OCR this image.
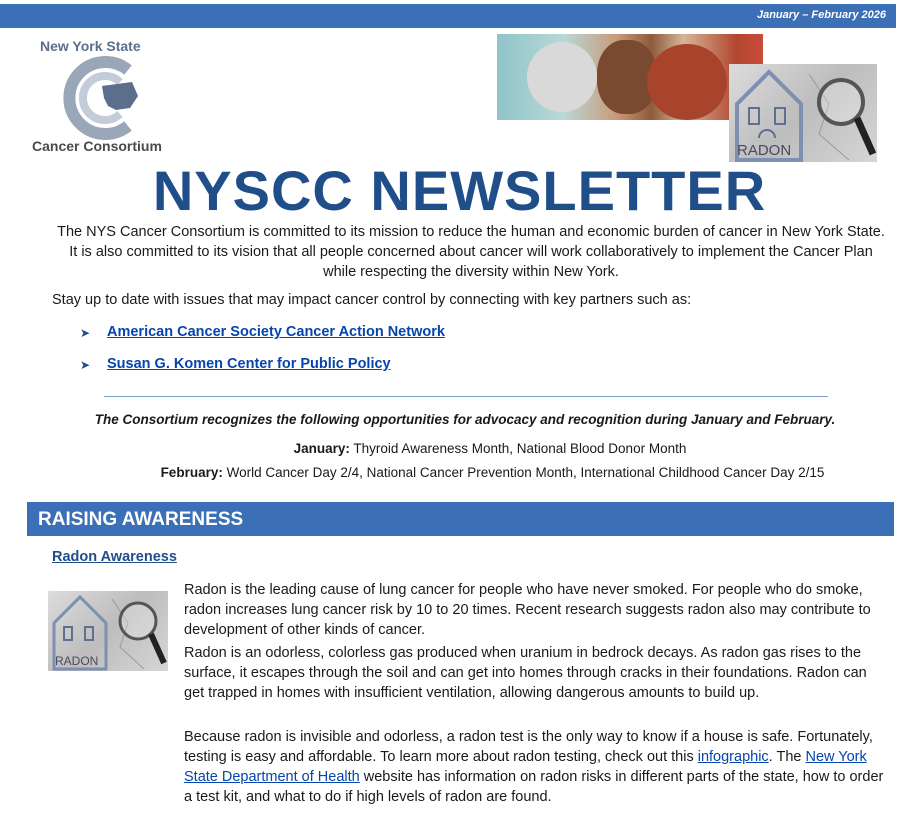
January – February 2026
New York State
Cancer Consortium	RADON
NYSCC NEWSLETTER

The NYS Cancer Consortium is committed to its mission to reduce the human and economic burden of cancer in New York State. It is also committed to its vision that all people concerned about cancer will work collaboratively to implement the Cancer Plan while respecting the diversity within New York.

Stay up to date with issues that may impact cancer control by connecting with key partners such as:

➤	American Cancer Society Cancer Action Network
➤	Susan G. Komen Center for Public Policy

The Consortium recognizes the following opportunities for advocacy and recognition during January and February.

January: Thyroid Awareness Month, National Blood Donor Month

February: World Cancer Day 2/4, National Cancer Prevention Month, International Childhood Cancer Day 2/15

RAISING AWARENESS
Radon Awareness
RADON

Radon is the leading cause of lung cancer for people who have never smoked. For people who do smoke, radon increases lung cancer risk by 10 to 20 times. Recent research suggests radon also may contribute to development of other kinds of cancer.

Radon is an odorless, colorless gas produced when uranium in bedrock decays. As radon gas rises to the surface, it escapes through the soil and can get into homes through cracks in their foundations. Radon can get trapped in homes with insufficient ventilation, allowing dangerous amounts to build up.

Because radon is invisible and odorless, a radon test is the only way to know if a house is safe. Fortunately, testing is easy and affordable. To learn more about radon testing, check out this infographic. The New York State Department of Health website has information on radon risks in different parts of the state, how to order a test kit, and what to do if high levels of radon are found.
